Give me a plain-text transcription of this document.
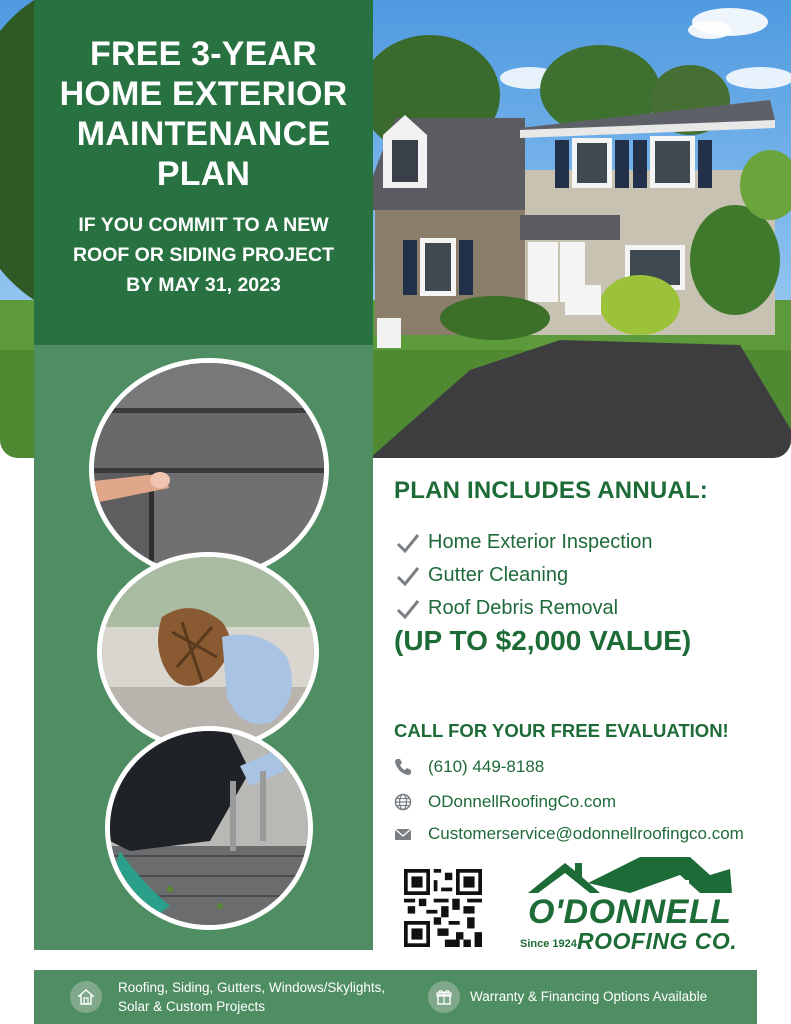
FREE 3-YEAR
HOME EXTERIOR
MAINTENANCE
PLAN

IF YOU COMMIT TO A NEW
ROOF OR SIDING PROJECT
BY MAY 31, 2023

PLAN INCLUDES ANNUAL:

Home Exterior Inspection
Gutter Cleaning
Roof Debris Removal

(UP TO $2,000 VALUE)

CALL FOR YOUR FREE EVALUATION!

(610) 449-8188

ODonnellRoofingCo.com

Customerservice@odonnellroofingco.com

O'DONNELL
Since 1924 ROOFING CO.
Roofing, Siding, Gutters, Windows/Skylights,
Solar & Custom Projects
Warranty & Financing Options Available
